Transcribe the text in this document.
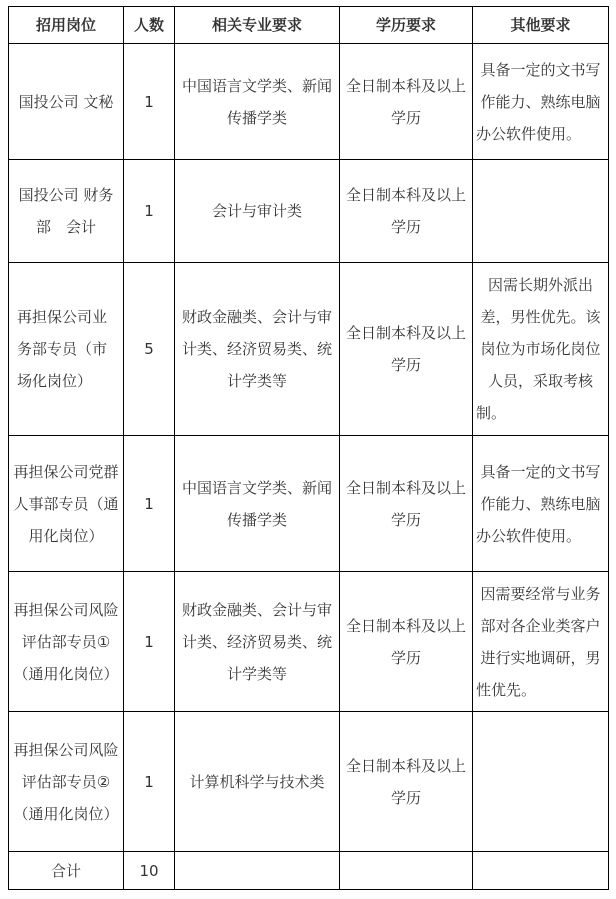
招用岗位	人数	相关专业要求	学历要求	其他要求
国投公司 文秘	1	中国语言文学类、新闻传播学类	全日制本科及以上学历	具备一定的文书写作能力、熟练电脑办公软件使用。
国投公司 财务部　会计	1	会计与审计类	全日制本科及以上学历	
再担保公司业务部专员（市场化岗位）	5	财政金融类、会计与审计类、经济贸易类、统计学类等	全日制本科及以上学历	因需长期外派出差，男性优先。该岗位为市场化岗位人员，采取考核制。
再担保公司党群人事部专员（通用化岗位）	1	中国语言文学类、新闻传播学类	全日制本科及以上学历	具备一定的文书写作能力、熟练电脑办公软件使用。
再担保公司风险评估部专员①（通用化岗位）	1	财政金融类、会计与审计类、经济贸易类、统计学类等	全日制本科及以上学历	因需要经常与业务部对各企业类客户进行实地调研，男性优先。
再担保公司风险评估部专员②（通用化岗位）	1	计算机科学与技术类	全日制本科及以上学历	
合计	10			
